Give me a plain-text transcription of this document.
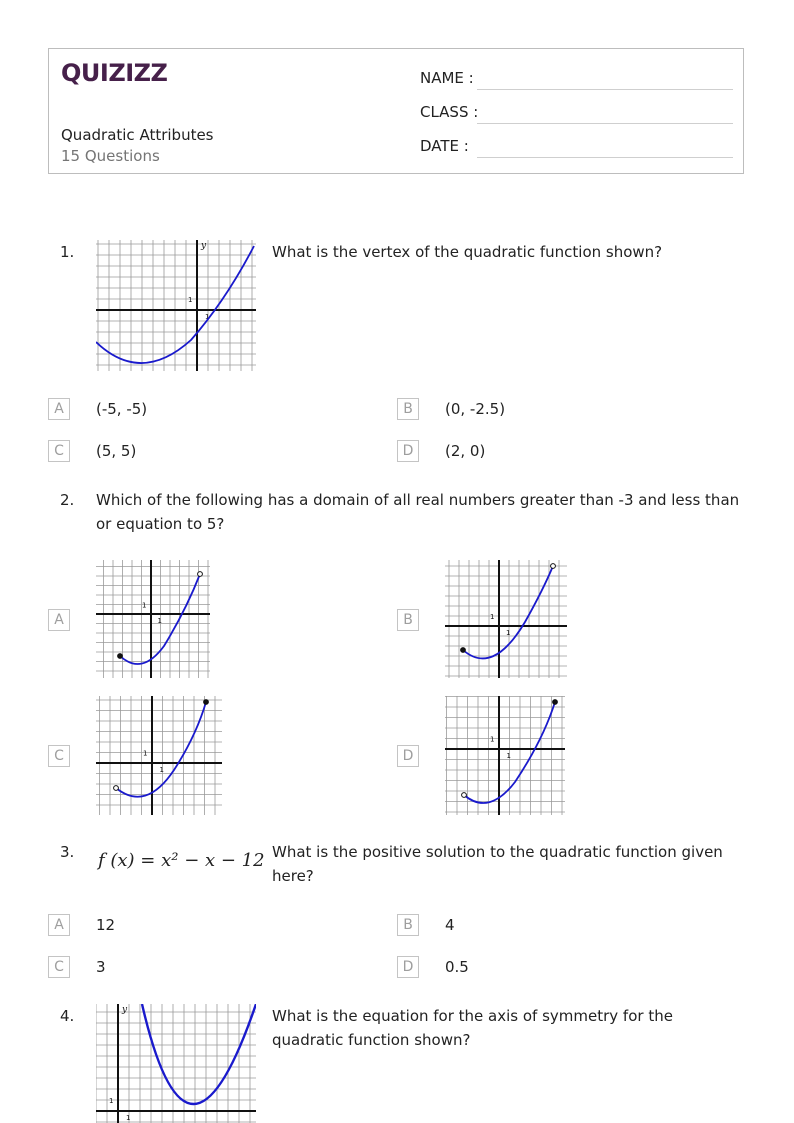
QUIZIZZ
Quadratic Attributes
15 Questions
NAME :
CLASS :
DATE :
1.	y
1
1
What is the vertex of the quadratic function shown?
A	(-5, -5)	B	(0, -2.5)
C	(5, 5)	D	(2, 0)
2. Which of the following has a domain of all real numbers greater than -3 and less than or equation to 5?
A
1
1	B	1
1
C	1
1
D
1
1
3. f (x) = x² − x − 12 What is the positive solution to the quadratic function given here?
A	12	B	4
C	3	D	0.5
4.	y
1
1
What is the equation for the axis of symmetry for the quadratic function shown?
